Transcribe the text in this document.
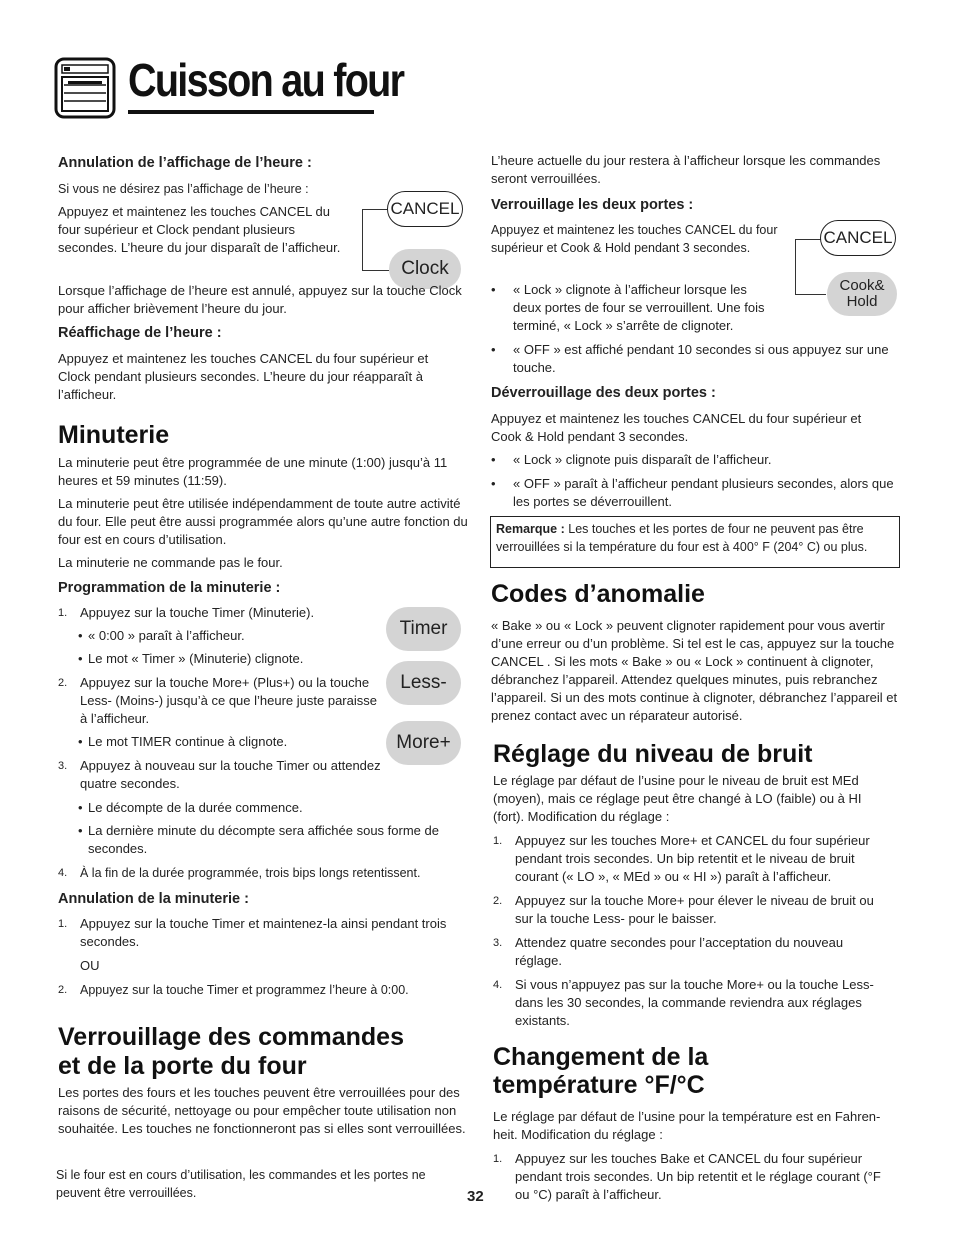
Cuisson au four

Annulation de l’affichage de l’heure :

Si vous ne désirez pas l’affichage de l’heure :

Appuyez et maintenez les touches CANCEL du four supérieur et Clock pendant plusieurs secondes. L’heure du jour disparaît de l’afficheur.

CANCEL
Clock

Lorsque l’affichage de l’heure est annulé, appuyez sur la touche Clock pour afficher brièvement l’heure du jour.

Réaffichage de l’heure :

Appuyez et maintenez les touches CANCEL du four supérieur et Clock pendant plusieurs secondes. L’heure du jour réapparaît à l’afficheur.

Minuterie

La minuterie peut être programmée de une minute (1:00) jusqu’à 11 heures et 59 minutes (11:59).

La minuterie peut être utilisée indépendamment de toute autre activité du four. Elle peut être aussi programmée alors qu’une autre fonction du four est en cours d’utilisation.

La minuterie ne commande pas le four.

Programmation de la minuterie :

1. Appuyez sur la touche Timer (Minuterie).
• « 0:00 » paraît à l’afficheur.
• Le mot « Timer » (Minuterie) clignote.
2. Appuyez sur la touche More+ (Plus+) ou la touche Less- (Moins-) jusqu’à ce que l’heure juste paraisse à l’afficheur.
• Le mot TIMER continue à clignote.
3. Appuyez à nouveau sur la touche Timer ou attendez quatre secondes.
• Le décompte de la durée commence.
• La dernière minute du décompte sera affichée sous forme de secondes.
4.	À la fin de la durée programmée, trois bips longs retentissent.
Timer
Less-
More+

Annulation de la minuterie :

1. Appuyez sur la touche Timer et maintenez-la ainsi pendant trois secondes.
OU
2.	Appuyez sur la touche Timer et programmez l’heure à 0:00.
Verrouillage des commandes
et de la porte du four

Les portes des fours et les touches peuvent être verrouillées pour des raisons de sécurité, nettoyage ou pour empêcher toute utilisation non souhaitée. Les touches ne fonctionneront pas si elles sont verrouillées.

Si le four est en cours d’utilisation, les commandes et les portes ne peuvent être verrouillées.

L’heure actuelle du jour restera à l’afficheur lorsque les commandes seront verrouillées.

Verrouillage les deux portes :

Appuyez et maintenez les touches CANCEL du four supérieur et Cook & Hold pendant 3 secondes.

•	« Lock » clignote à l’afficheur lorsque les deux portes de four se verrouillent. Une fois terminé, « Lock » s’arrête de clignoter.
•	« OFF » est affiché pendant 10 secondes si ous appuyez sur une touche.
CANCEL
Cook&
Hold

Déverrouillage des deux portes :

Appuyez et maintenez les touches CANCEL du four supérieur et Cook & Hold pendant 3 secondes.

•	« Lock » clignote puis disparaît de l’afficheur.
•	« OFF » paraît à l’afficheur pendant plusieurs secondes, alors que les portes se déverrouillent.

Remarque : Les touches et les portes de four ne peuvent pas être verrouillées si la température du four est à 400° F (204° C) ou plus.

Codes d’anomalie

« Bake » ou « Lock » peuvent clignoter rapidement pour vous avertir d’une erreur ou d’un problème. Si tel est le cas, appuyez sur la touche CANCEL . Si les mots « Bake » ou « Lock » continuent à clignoter, débranchez l’appareil. Attendez quelques minutes, puis rebranchez l’appareil. Si un des mots continue à clignoter, débranchez l’appareil et prenez contact avec un réparateur autorisé.

Réglage du niveau de bruit

Le réglage par défaut de l’usine pour le niveau de bruit est MEd (moyen), mais ce réglage peut être changé à LO (faible) ou à HI (fort). Modification du réglage :

1. Appuyez sur les touches More+ et CANCEL du four supérieur pendant trois secondes. Un bip retentit et le niveau de bruit courant (« LO », « MEd » ou « HI ») paraît à l’afficheur.
2. Appuyez sur la touche More+ pour élever le niveau de bruit ou sur la touche Less- pour le baisser.
3. Attendez quatre secondes pour l’acceptation du nouveau réglage.
4. Si vous n’appuyez pas sur la touche More+ ou la touche Less- dans les 30 secondes, la commande reviendra aux réglages existants.
Changement de la
température °F/°C

Le réglage par défaut de l’usine pour la température est en Fahren- heit. Modification du réglage :

1. Appuyez sur les touches Bake et CANCEL du four supérieur pendant trois secondes. Un bip retentit et le réglage courant (°F ou °C) paraît à l’afficheur.
32
